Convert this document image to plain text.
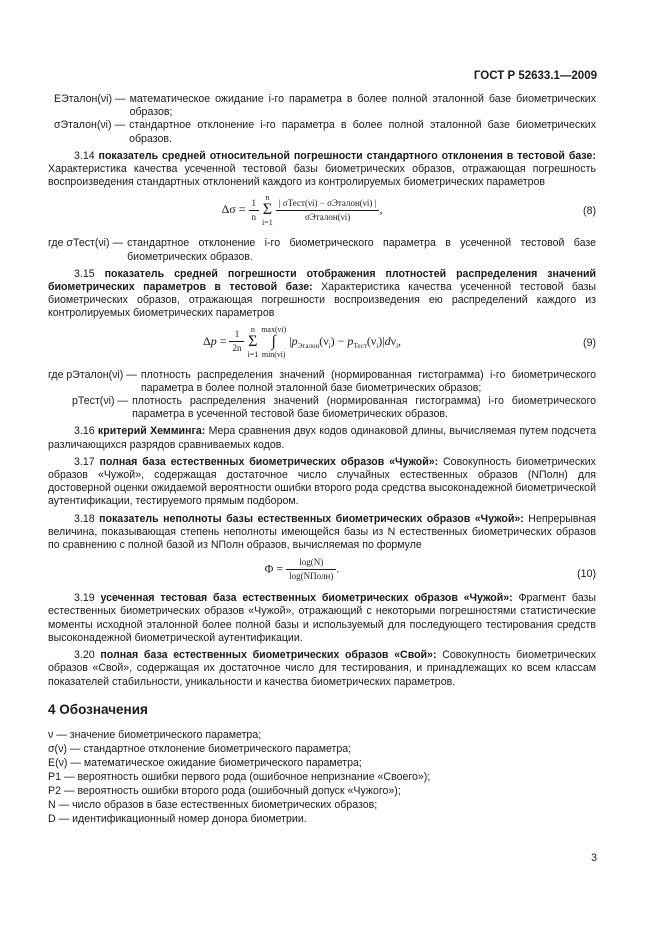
ГОСТ Р 52633.1—2009
EЭталон(νi) — математическое ожидание i-го параметра в более полной эталонной базе биометрических образов;
σЭталон(νi) — стандартное отклонение i-го параметра в более полной эталонной базе биометрических образов.

3.14 показатель средней относительной погрешности стандартного отклонения в тестовой базе: Характеристика качества усеченной тестовой базы биометрических образов, отражающая погрешность воспроизведения стандартных отклонений каждого из контролируемых биометрических параметров

$\Delta\sigma = \frac{1}{n}$ n
Σ
$i=1 \frac{\text{| σТест(νi) − σЭталон(νi) |}}{\text{σЭталон(νi)}}$ ,	(8)
где σТест(νi) — стандартное отклонение i-го биометрического параметра в усеченной тестовой базе биометрических образов.

3.15 показатель средней погрешности отображения плотностей распределения значений биометрических параметров в тестовой базе: Характеристика качества усеченной тестовой базы биометрических образов, отражающая погрешности воспроизведения ею распределений каждого из контролируемых биометрических параметров

$\Delta p = \frac{1}{2n}$ n
Σ
i=1 max(νi)
∫
min(νi) $|p_{Эталон}(\nu_i) - p_{Тест}(\nu_i)|d\nu_i$,	(9)
где pЭталон(νi) — плотность распределения значений (нормированная гистограмма) i-го биометрического параметра в более полной эталонной базе биометрических образов;
pТест(νi) — плотность распределения значений (нормированная гистограмма) i-го биометрического параметра в усеченной тестовой базе биометрических образов.

3.16 критерий Хемминга: Мера сравнения двух кодов одинаковой длины, вычисляемая путем подсчета различающихся разрядов сравниваемых кодов.

3.17 полная база естественных биометрических образов «Чужой»: Совокупность биометрических образов «Чужой», содержащая достаточное число случайных естественных образов (NПолн) для достоверной оценки ожидаемой вероятности ошибки второго рода средства высоконадежной биометрической аутентификации, тестируемого прямым подбором.

3.18 показатель неполноты базы естественных биометрических образов «Чужой»: Непрерывная величина, показывающая степень неполноты имеющейся базы из N естественных биометрических образов по сравнению с полной базой из NПолн образов, вычисляемая по формуле

$\Phi = \frac{\log(N)}{\text{log(NПолн)}}$ .	(10)

3.19 усеченная тестовая база естественных биометрических образов «Чужой»: Фрагмент базы естественных биометрических образов «Чужой», отражающий с некоторыми погрешностями статистические моменты исходной эталонной более полной базы и используемый для последующего тестирования средств высоконадежной биометрической аутентификации.

3.20 полная база естественных биометрических образов «Свой»: Совокупность биометрических образов «Свой», содержащая их достаточное число для тестирования, и принадлежащих ко всем классам показателей стабильности, уникальности и качества биометрических параметров.

4 Обозначения

ν — значение биометрического параметра;

σ(ν) — стандартное отклонение биометрического параметра;

E(ν) — математическое ожидание биометрического параметра;

P1 — вероятность ошибки первого рода (ошибочное непризнание «Своего»);

P2 — вероятность ошибки второго рода (ошибочный допуск «Чужого»);

N — число образов в базе естественных биометрических образов;

D — идентификационный номер донора биометрии.

3
